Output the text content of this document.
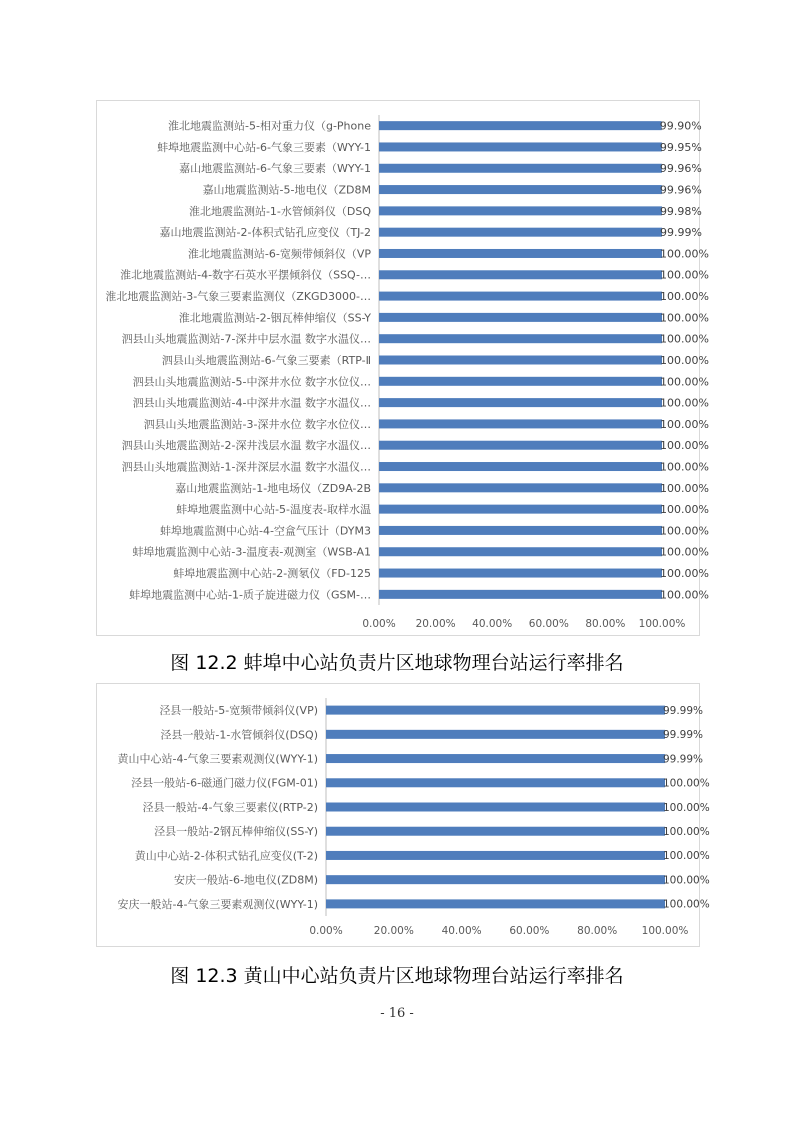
淮北地震监测站-5-相对重力仪（g-Phone	99.90%
蚌埠地震监测中心站-6-气象三要素（WYY-1	99.95%
嘉山地震监测站-6-气象三要素（WYY-1	99.96%
嘉山地震监测站-5-地电仪（ZD8M	99.96%
淮北地震监测站-1-水管倾斜仪（DSQ	99.98%
嘉山地震监测站-2-体积式钻孔应变仪（TJ-2	99.99%
淮北地震监测站-6-宽频带倾斜仪（VP	100.00%
淮北地震监测站-4-数字石英水平摆倾斜仪（SSQ-…	100.00%
淮北地震监测站-3-气象三要素监测仪（ZKGD3000-…	100.00%
淮北地震监测站-2-铟瓦棒伸缩仪（SS-Y	100.00%
泗县山头地震监测站-7-深井中层水温 数字水温仪…	100.00%
泗县山头地震监测站-6-气象三要素（RTP-Ⅱ	100.00%
泗县山头地震监测站-5-中深井水位 数字水位仪…	100.00%
泗县山头地震监测站-4-中深井水温 数字水温仪…	100.00%
泗县山头地震监测站-3-深井水位 数字水位仪…	100.00%
泗县山头地震监测站-2-深井浅层水温 数字水温仪…	100.00%
泗县山头地震监测站-1-深井深层水温 数字水温仪…	100.00%
嘉山地震监测站-1-地电场仪（ZD9A-2B	100.00%
蚌埠地震监测中心站-5-温度表-取样水温	100.00%
蚌埠地震监测中心站-4-空盒气压计（DYM3	100.00%
蚌埠地震监测中心站-3-温度表-观测室（WSB-A1	100.00%
蚌埠地震监测中心站-2-测氡仪（FD-125	100.00%
蚌埠地震监测中心站-1-质子旋进磁力仪（GSM-…	100.00%
0.00% 20.00% 40.00% 60.00% 80.00% 100.00%
图 12.2 蚌埠中心站负责片区地球物理台站运行率排名
泾县一般站-5-宽频带倾斜仪(VP)	99.99%
泾县一般站-1-水管倾斜仪(DSQ)	99.99%
黄山中心站-4-气象三要素观测仪(WYY-1)	99.99%
泾县一般站-6-磁通门磁力仪(FGM-01)	100.00%
泾县一般站-4-气象三要素仪(RTP-2)	100.00%
泾县一般站-2钢瓦棒伸缩仪(SS-Y)	100.00%
黄山中心站-2-体积式钻孔应变仪(T-2)	100.00%
安庆一般站-6-地电仪(ZD8M)	100.00%
安庆一般站-4-气象三要素观测仪(WYY-1)	100.00%
0.00%	20.00%	40.00%	60.00%	80.00% 100.00%
图 12.3 黄山中心站负责片区地球物理台站运行率排名
- 16 -
